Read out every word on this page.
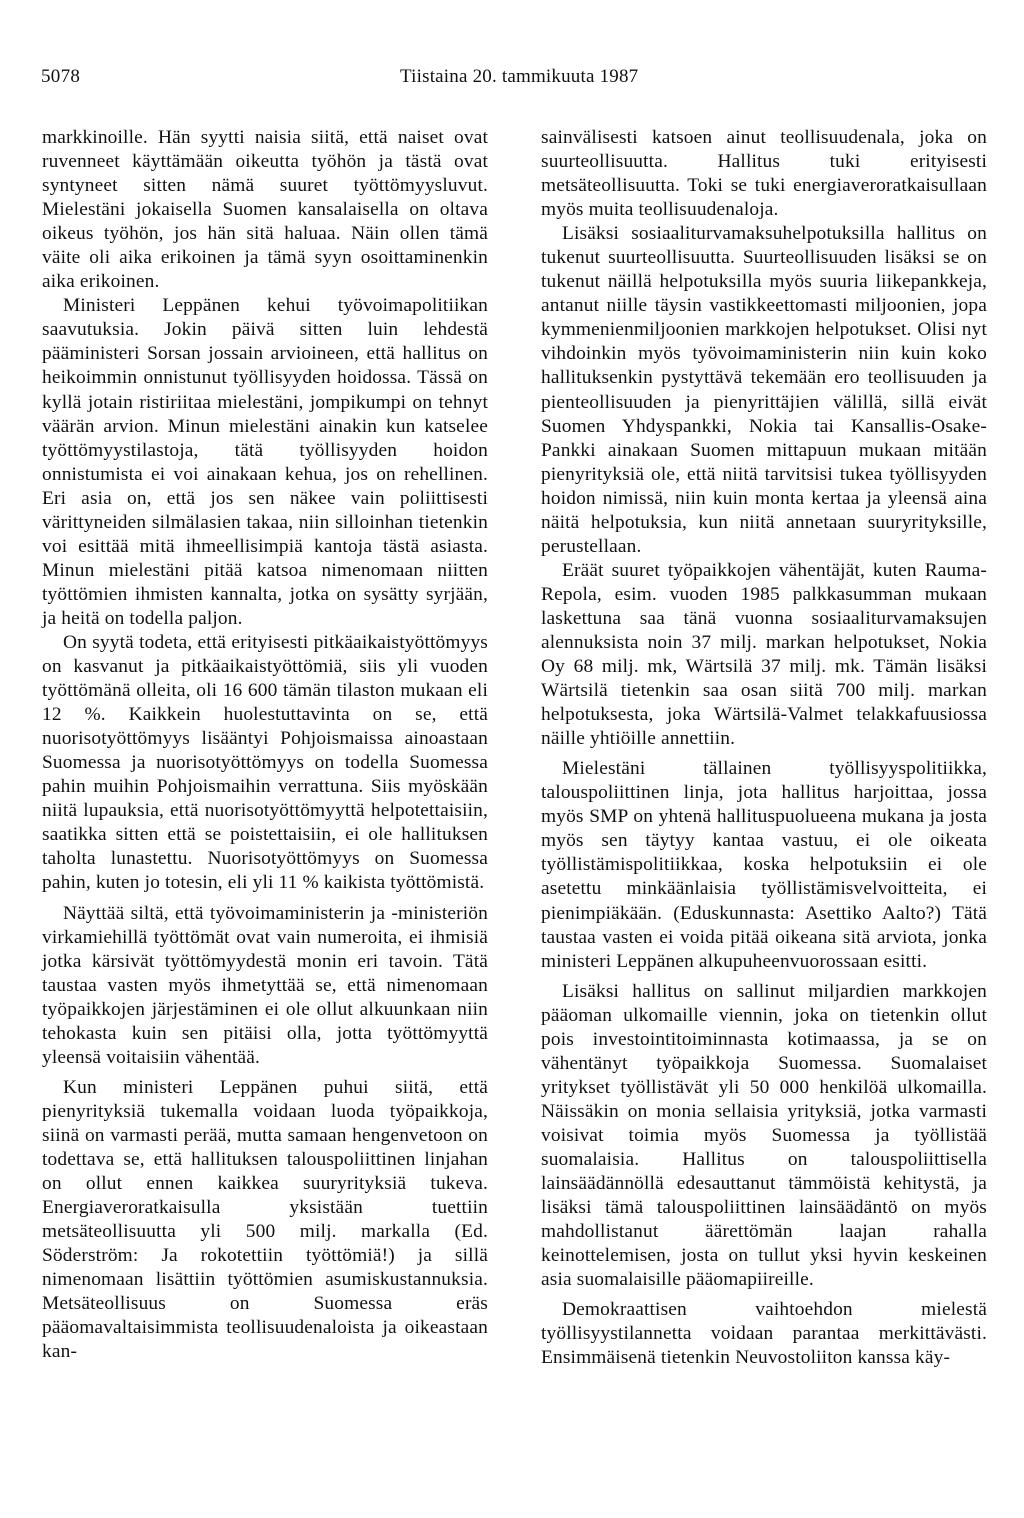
5078	Tiistaina 20. tammikuuta 1987

markkinoille. Hän syytti naisia siitä, että naiset ovat ruvenneet käyttämään oikeutta työhön ja tästä ovat syntyneet sitten nämä suuret työttömyysluvut. Mielestäni jokaisella Suomen kansalaisella on oltava oikeus työhön, jos hän sitä haluaa. Näin ollen tämä väite oli aika erikoinen ja tämä syyn osoittaminenkin aika erikoinen.

Ministeri Leppänen kehui työvoimapolitiikan saavutuksia. Jokin päivä sitten luin lehdestä pääministeri Sorsan jossain arvioineen, että hallitus on heikoimmin onnistunut työllisyyden hoidossa. Tässä on kyllä jotain ristiriitaa mielestäni, jompikumpi on tehnyt väärän arvion. Minun mielestäni ainakin kun katselee työttömyystilastoja, tätä työllisyyden hoidon onnistumista ei voi ainakaan kehua, jos on rehellinen. Eri asia on, että jos sen näkee vain poliittisesti värittyneiden silmälasien takaa, niin silloinhan tietenkin voi esittää mitä ihmeellisimpiä kantoja tästä asiasta. Minun mielestäni pitää katsoa nimenomaan niitten työttömien ihmisten kannalta, jotka on sysätty syrjään, ja heitä on todella paljon.

On syytä todeta, että erityisesti pitkäaikaistyöttömyys on kasvanut ja pitkäaikaistyöttömiä, siis yli vuoden työttömänä olleita, oli 16 600 tämän tilaston mukaan eli 12 %. Kaikkein huolestuttavinta on se, että nuorisotyöttömyys lisääntyi Pohjoismaissa ainoastaan Suomessa ja nuorisotyöttömyys on todella Suomessa pahin muihin Pohjoismaihin verrattuna. Siis myöskään niitä lupauksia, että nuorisotyöttömyyttä helpotettaisiin, saatikka sitten että se poistettaisiin, ei ole hallituksen taholta lunastettu. Nuorisotyöttömyys on Suomessa pahin, kuten jo totesin, eli yli 11 % kaikista työttömistä.

Näyttää siltä, että työvoimaministerin ja -ministeriön virkamiehillä työttömät ovat vain numeroita, ei ihmisiä jotka kärsivät työttömyydestä monin eri tavoin. Tätä taustaa vasten myös ihmetyttää se, että nimenomaan työpaikkojen järjestäminen ei ole ollut alkuunkaan niin tehokasta kuin sen pitäisi olla, jotta työttömyyttä yleensä voitaisiin vähentää.

Kun ministeri Leppänen puhui siitä, että pienyrityksiä tukemalla voidaan luoda työpaikkoja, siinä on varmasti perää, mutta samaan hengenvetoon on todettava se, että hallituksen talouspoliittinen linjahan on ollut ennen kaikkea suuryrityksiä tukeva. Energiaveroratkaisulla yksistään tuettiin metsäteollisuutta yli 500 milj. markalla (Ed. Söderström: Ja rokotettiin työttömiä!) ja sillä nimenomaan lisättiin työttömien asumiskustannuksia. Metsäteollisuus on Suomessa eräs pääomavaltaisimmista teollisuudenaloista ja oikeastaan kan-

sainvälisesti katsoen ainut teollisuudenala, joka on suurteollisuutta. Hallitus tuki erityisesti metsäteollisuutta. Toki se tuki energiaveroratkaisullaan myös muita teollisuudenaloja.

Lisäksi sosiaaliturvamaksuhelpotuksilla hallitus on tukenut suurteollisuutta. Suurteollisuuden lisäksi se on tukenut näillä helpotuksilla myös suuria liikepankkeja, antanut niille täysin vastikkeettomasti miljoonien, jopa kymmenienmiljoonien markkojen helpotukset. Olisi nyt vihdoinkin myös työvoimaministerin niin kuin koko hallituksenkin pystyttävä tekemään ero teollisuuden ja pienteollisuuden ja pienyrittäjien välillä, sillä eivät Suomen Yhdyspankki, Nokia tai Kansallis-Osake-Pankki ainakaan Suomen mittapuun mukaan mitään pienyrityksiä ole, että niitä tarvitsisi tukea työllisyyden hoidon nimissä, niin kuin monta kertaa ja yleensä aina näitä helpotuksia, kun niitä annetaan suuryrityksille, perustellaan.

Eräät suuret työpaikkojen vähentäjät, kuten Rauma-Repola, esim. vuoden 1985 palkkasumman mukaan laskettuna saa tänä vuonna sosiaaliturvamaksujen alennuksista noin 37 milj. markan helpotukset, Nokia Oy 68 milj. mk, Wärtsilä 37 milj. mk. Tämän lisäksi Wärtsilä tietenkin saa osan siitä 700 milj. markan helpotuksesta, joka Wärtsilä-Valmet telakkafuusiossa näille yhtiöille annettiin.

Mielestäni tällainen työllisyyspolitiikka, talouspoliittinen linja, jota hallitus harjoittaa, jossa myös SMP on yhtenä hallituspuolueena mukana ja josta myös sen täytyy kantaa vastuu, ei ole oikeata työllistämispolitiikkaa, koska helpotuksiin ei ole asetettu minkäänlaisia työllistämisvelvoitteita, ei pienimpiäkään. (Eduskunnasta: Asettiko Aalto?) Tätä taustaa vasten ei voida pitää oikeana sitä arviota, jonka ministeri Leppänen alkupuheenvuorossaan esitti.

Lisäksi hallitus on sallinut miljardien markkojen pääoman ulkomaille viennin, joka on tietenkin ollut pois investointitoiminnasta kotimaassa, ja se on vähentänyt työpaikkoja Suomessa. Suomalaiset yritykset työllistävät yli 50 000 henkilöä ulkomailla. Näissäkin on monia sellaisia yrityksiä, jotka varmasti voisivat toimia myös Suomessa ja työllistää suomalaisia. Hallitus on talouspoliittisella lainsäädännöllä edesauttanut tämmöistä kehitystä, ja lisäksi tämä talouspoliittinen lainsäädäntö on myös mahdollistanut äärettömän laajan rahalla keinottelemisen, josta on tullut yksi hyvin keskeinen asia suomalaisille pääomapiireille.

Demokraattisen vaihtoehdon mielestä työllisyystilannetta voidaan parantaa merkittävästi. Ensimmäisenä tietenkin Neuvostoliiton kanssa käy-
